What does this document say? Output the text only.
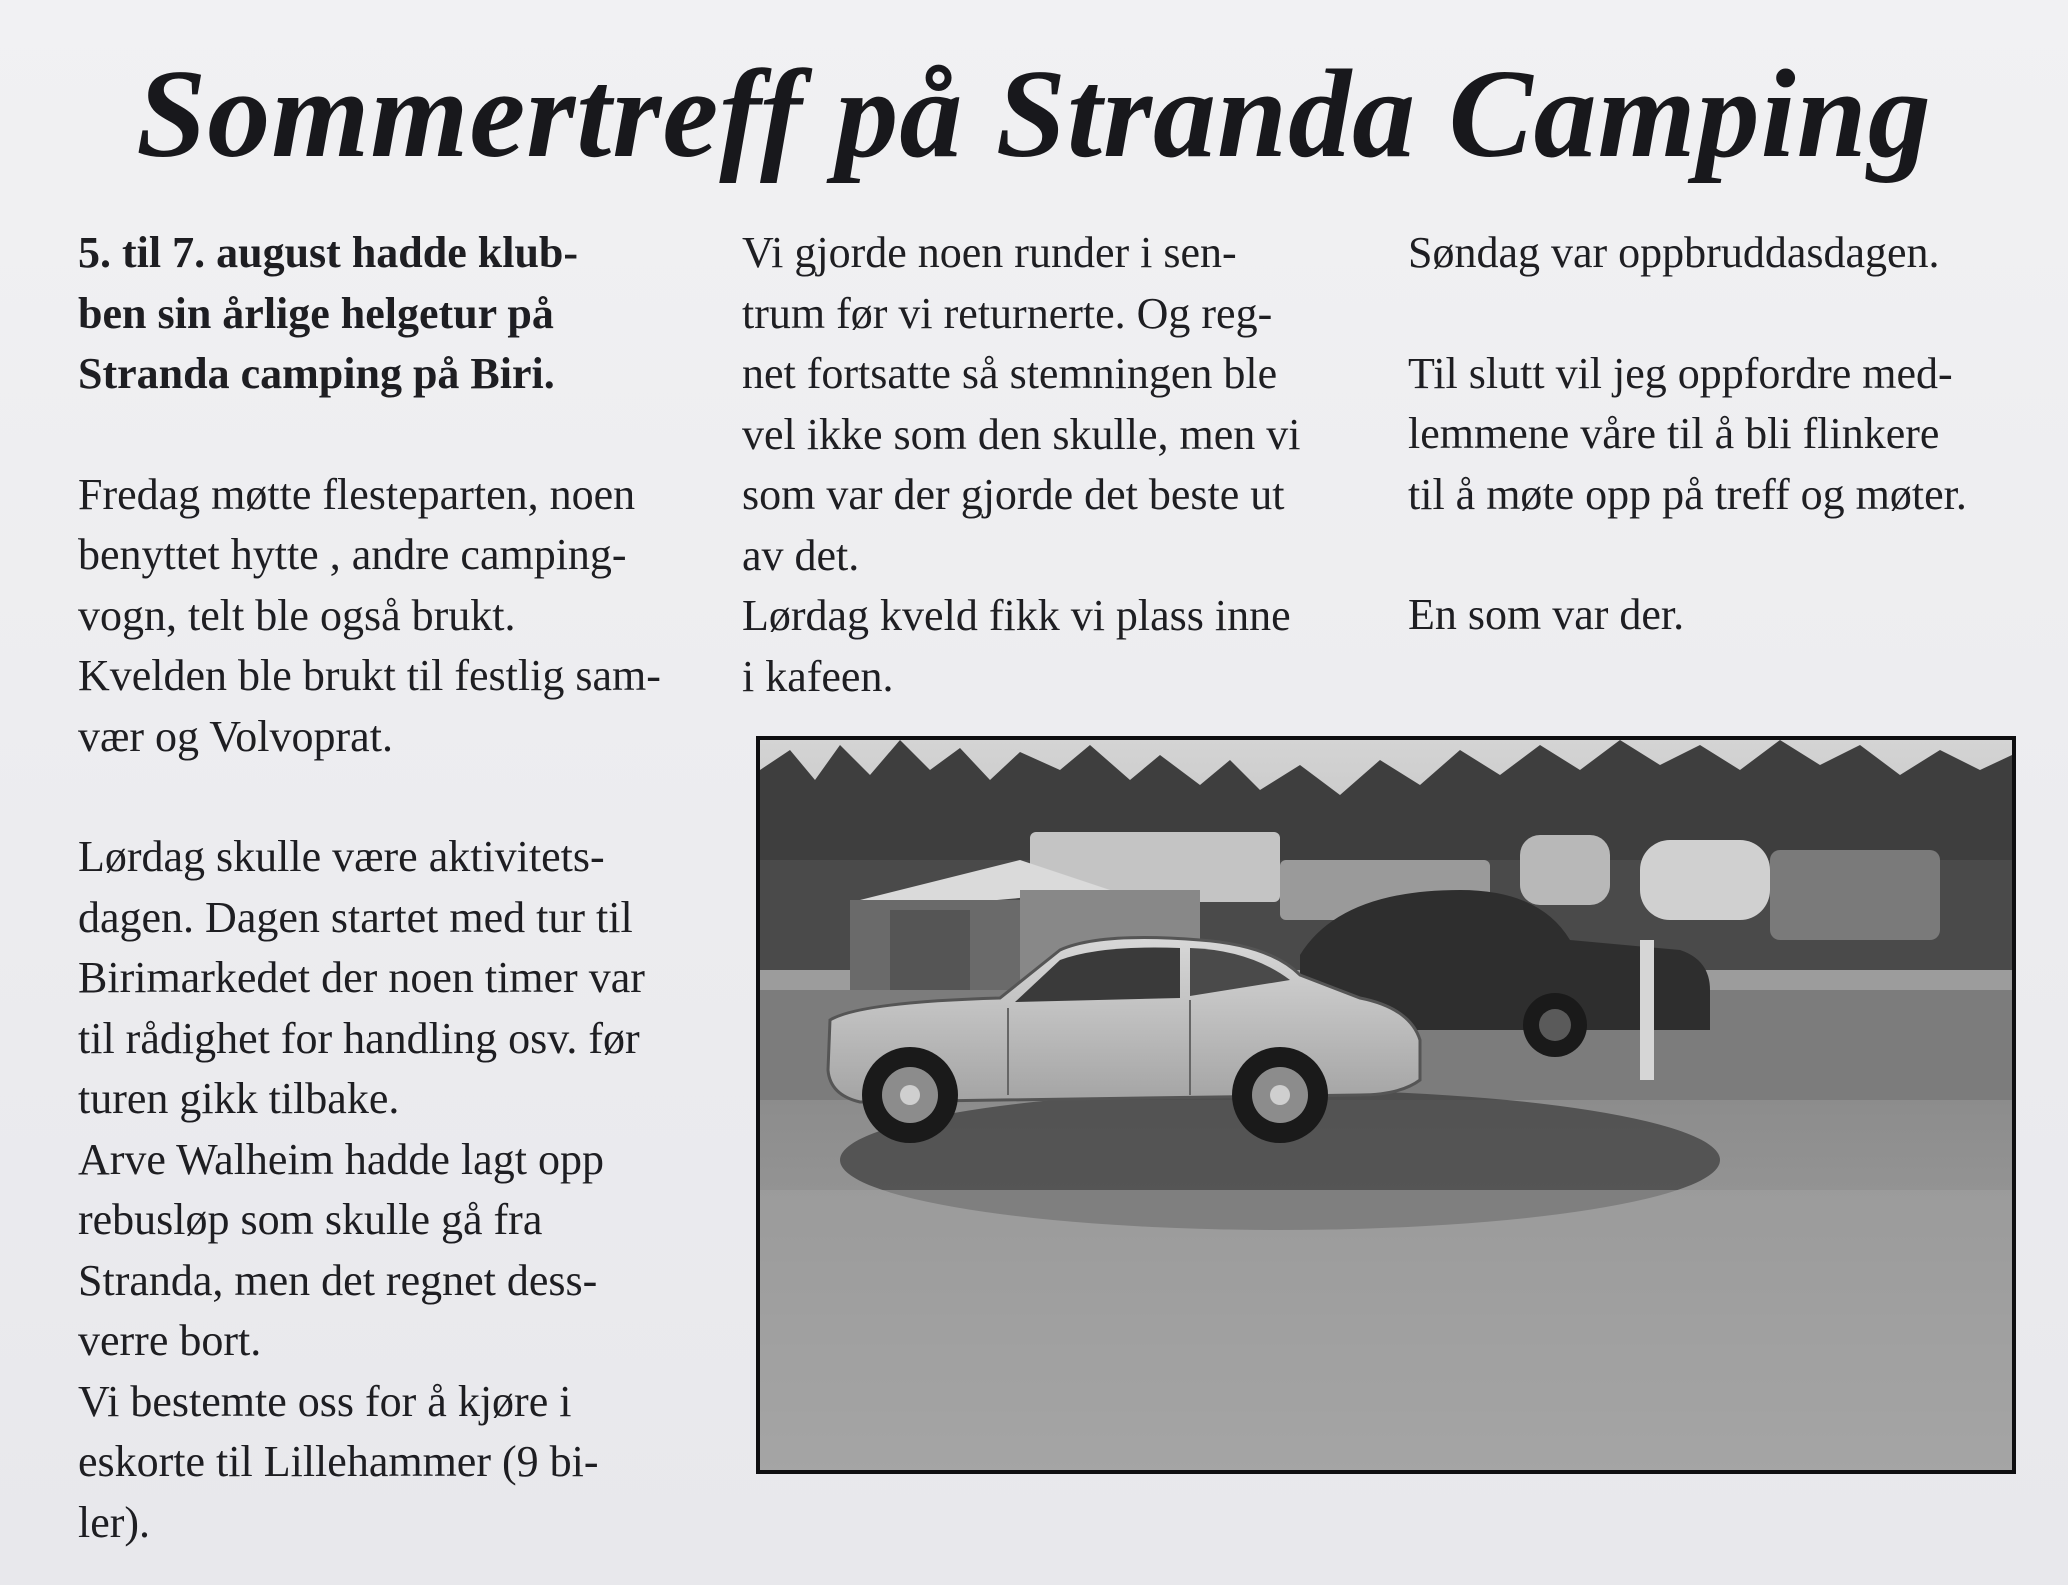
Sommertreff på Stranda Camping

5. til 7. august hadde klub-
ben sin årlige helgetur på
Stranda camping på Biri.

Fredag møtte flesteparten, noen
benyttet hytte , andre camping-
vogn, telt ble også brukt.
Kvelden ble brukt til festlig sam-
vær og Volvoprat.

Lørdag skulle være aktivitets-
dagen. Dagen startet med tur til
Birimarkedet der noen timer var
til rådighet for handling osv. før
turen gikk tilbake.

Arve Walheim hadde lagt opp
rebusløp som skulle gå fra
Stranda, men det regnet dess-
verre bort.

Vi bestemte oss for å kjøre i
eskorte til Lillehammer (9 bi-
ler).

Vi gjorde noen runder i sen-
trum før vi returnerte. Og reg-
net fortsatte så stemningen ble
vel ikke som den skulle, men vi
som var der gjorde det beste ut
av det.

Lørdag kveld fikk vi plass inne
i kafeen.

Søndag var oppbruddasdagen.

Til slutt vil jeg oppfordre med-
lemmene våre til å bli flinkere
til å møte opp på treff og møter.

En som var der.
